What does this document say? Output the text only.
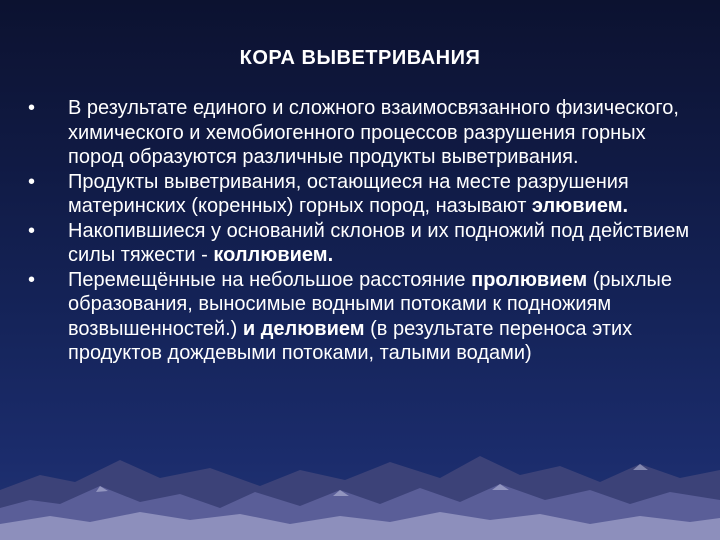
КОРА ВЫВЕТРИВАНИЯ
•	В результате единого и сложного взаимосвязанного физического, химического и хемобиогенного процессов разрушения горных пород образуются различные продукты выветривания.
•	Продукты выветривания, остающиеся на месте разрушения материнских (коренных) горных пород, называют элювием.
•	Накопившиеся у оснований склонов и их подножий под действием силы тяжести - коллювием.
•	Перемещённые на небольшое расстояние пролювием (рыхлые образования, выносимые водными потоками к подножиям возвышенностей.) и делювием (в результате переноса этих продуктов дождевыми потоками, талыми водами)
